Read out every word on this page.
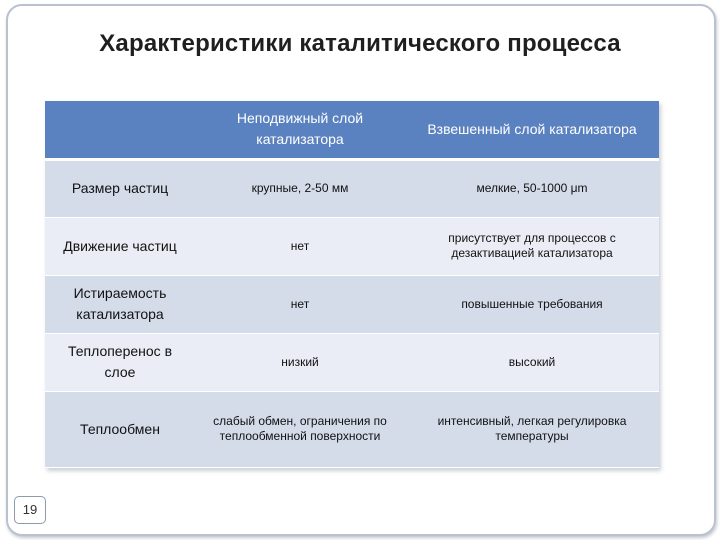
Характеристики каталитического процесса
	Неподвижный слой катализатора	Взвешенный слой катализатора
Размер частиц	крупные, 2-50 мм	мелкие, 50-1000 μm
Движение частиц	нет	присутствует для процессов с дезактивацией катализатора
Истираемость катализатора	нет	повышенные требования
Теплоперенос в слое	низкий	высокий
Теплообмен	слабый обмен, ограничения по теплообменной поверхности	интенсивный, легкая регулировка температуры
19
